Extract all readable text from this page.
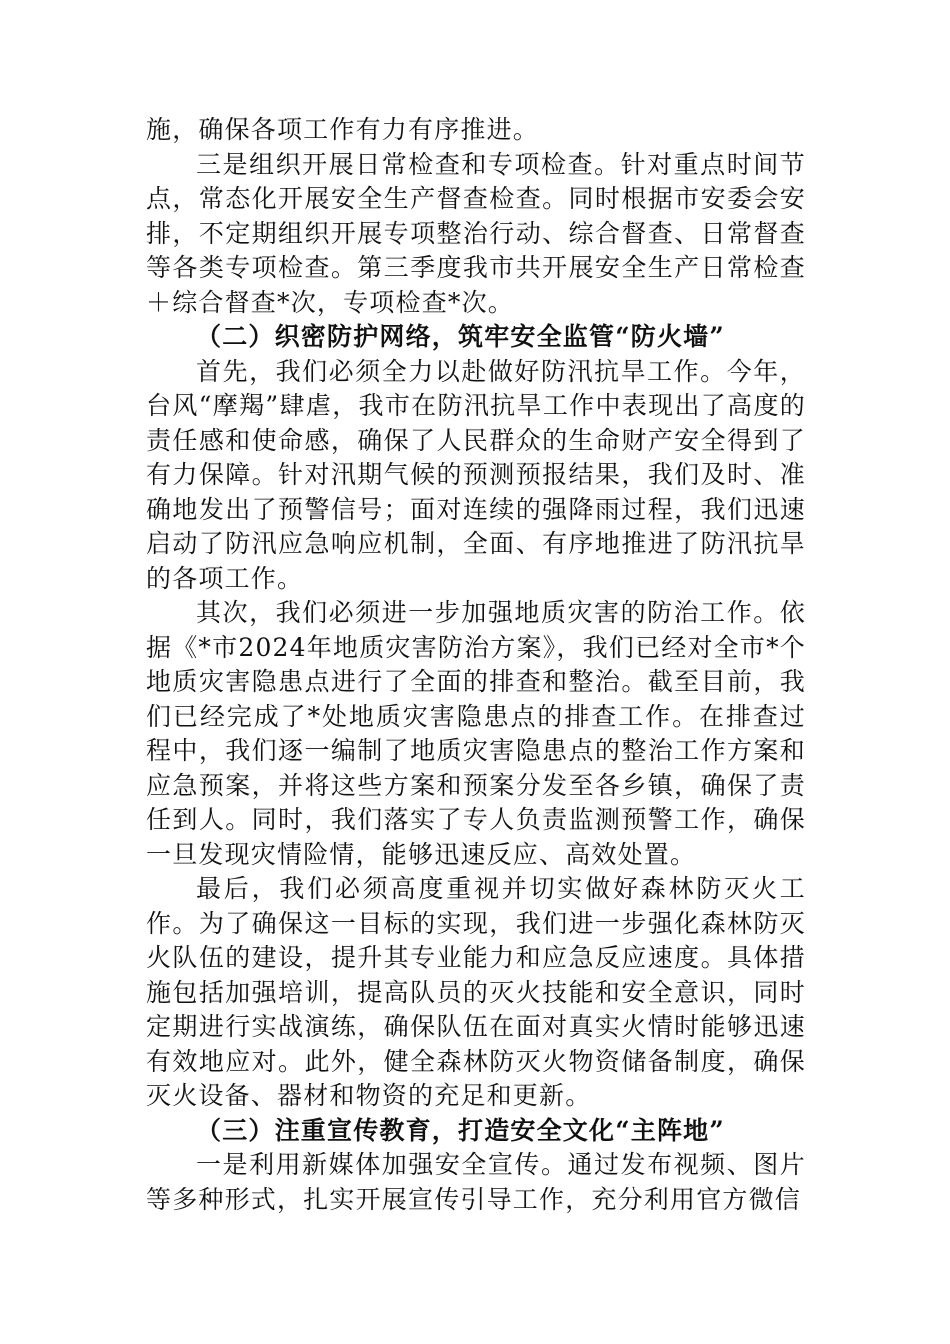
施，确保各项工作有力有序推进。

三是组织开展日常检查和专项检查。针对重点时间节点，常态化开展安全生产督查检查。同时根据市安委会安排，不定期组织开展专项整治行动、综合督查、日常督查等各类专项检查。第三季度我市共开展安全生产日常检查＋综合督查*次，专项检查*次。

（二）织密防护网络，筑牢安全监管“防火墙”

首先，我们必须全力以赴做好防汛抗旱工作。今年，台风“摩羯”肆虐，我市在防汛抗旱工作中表现出了高度的责任感和使命感，确保了人民群众的生命财产安全得到了有力保障。针对汛期气候的预测预报结果，我们及时、准确地发出了预警信号；面对连续的强降雨过程，我们迅速启动了防汛应急响应机制，全面、有序地推进了防汛抗旱的各项工作。

其次，我们必须进一步加强地质灾害的防治工作。依据《*市2024年地质灾害防治方案》，我们已经对全市*个地质灾害隐患点进行了全面的排查和整治。截至目前，我们已经完成了*处地质灾害隐患点的排查工作。在排查过程中，我们逐一编制了地质灾害隐患点的整治工作方案和应急预案，并将这些方案和预案分发至各乡镇，确保了责任到人。同时，我们落实了专人负责监测预警工作，确保一旦发现灾情险情，能够迅速反应、高效处置。

最后，我们必须高度重视并切实做好森林防灭火工作。为了确保这一目标的实现，我们进一步强化森林防灭火队伍的建设，提升其专业能力和应急反应速度。具体措施包括加强培训，提高队员的灭火技能和安全意识，同时定期进行实战演练，确保队伍在面对真实火情时能够迅速有效地应对。此外，健全森林防灭火物资储备制度，确保灭火设备、器材和物资的充足和更新。

（三）注重宣传教育，打造安全文化“主阵地”

一是利用新媒体加强安全宣传。通过发布视频、图片等多种形式，扎实开展宣传引导工作，充分利用官方微信
